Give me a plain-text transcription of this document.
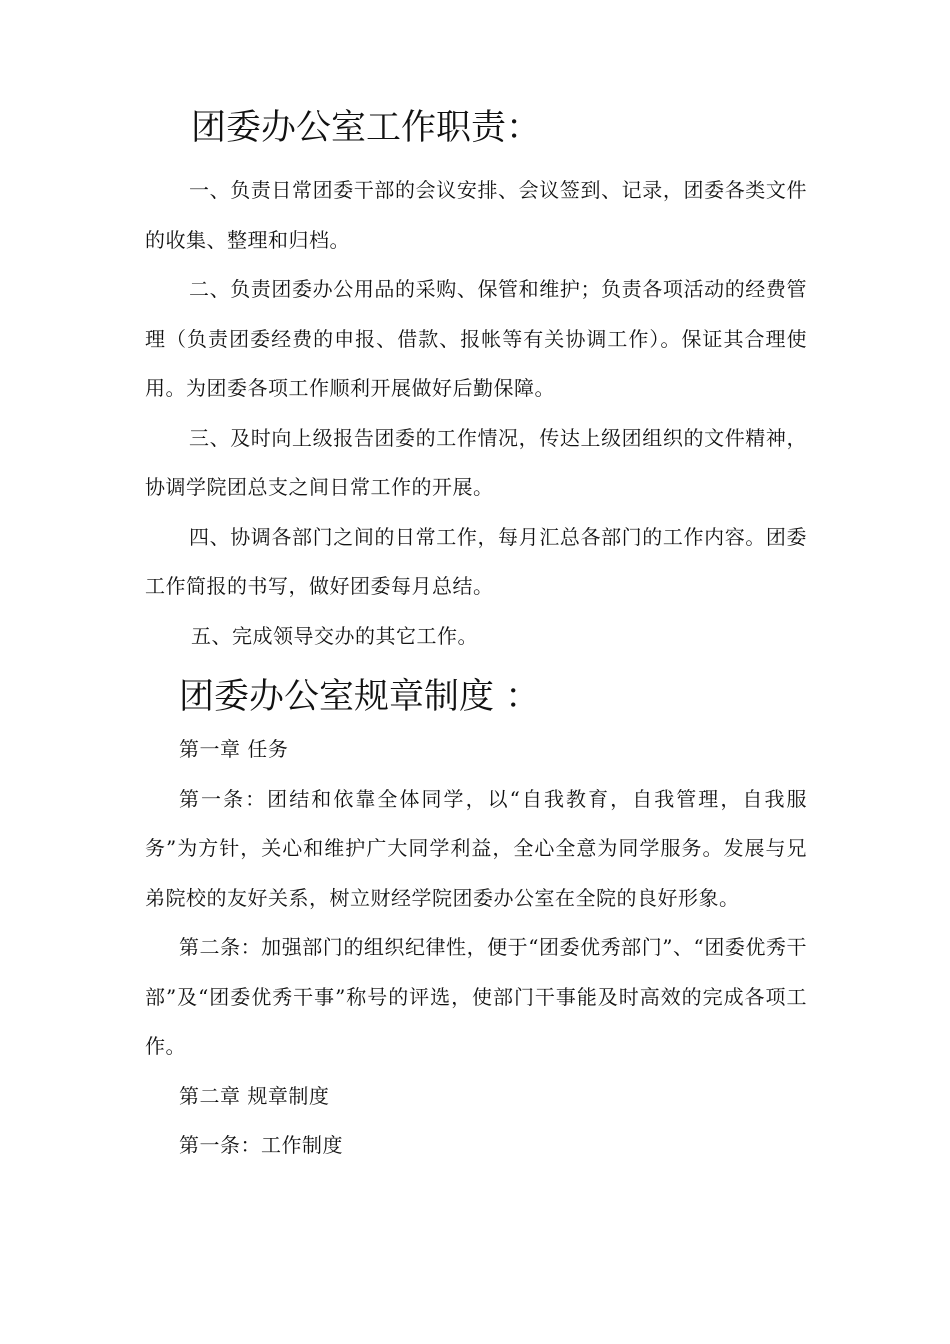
团委办公室工作职责：

一、负责日常团委干部的会议安排、会议签到、记录，团委各类文件的收集、整理和归档。

二、负责团委办公用品的采购、保管和维护；负责各项活动的经费管理（负责团委经费的申报、借款、报帐等有关协调工作）。保证其合理使用。为团委各项工作顺利开展做好后勤保障。

三、及时向上级报告团委的工作情况，传达上级团组织的文件精神，协调学院团总支之间日常工作的开展。

四、协调各部门之间的日常工作，每月汇总各部门的工作内容。团委工作简报的书写，做好团委每月总结。

五、完成领导交办的其它工作。

团委办公室规章制度 ：

第一章 任务

第一条：团结和依靠全体同学，以“自我教育，自我管理，自我服务”为方针，关心和维护广大同学利益，全心全意为同学服务。发展与兄弟院校的友好关系，树立财经学院团委办公室在全院的良好形象。

第二条：加强部门的组织纪律性，便于“团委优秀部门”、“团委优秀干部”及“团委优秀干事”称号的评选，使部门干事能及时高效的完成各项工作。

第二章 规章制度

第一条：工作制度
